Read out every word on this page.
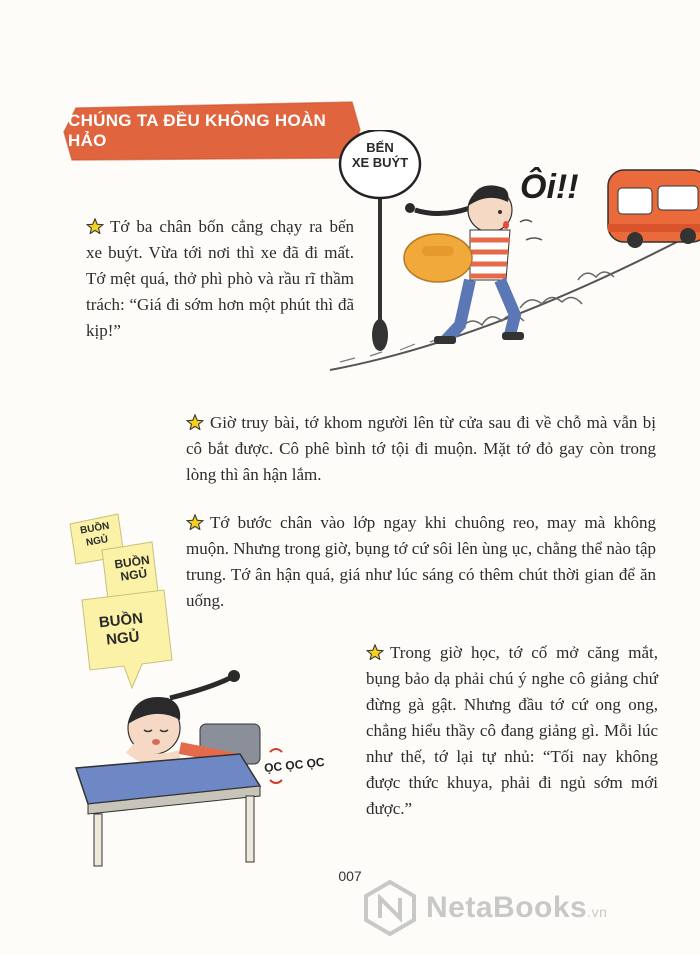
CHÚNG TA ĐỀU KHÔNG HOÀN HẢO	BẾN
XE BUÝT
Ôi!!
Tớ ba chân bốn cẳng chạy ra bến xe buýt. Vừa tới nơi thì xe đã đi mất. Tớ mệt quá, thở phì phò và rầu rĩ thầm trách: “Giá đi sớm hơn một phút thì đã kịp!”
Giờ truy bài, tớ khom người lên từ cửa sau đi về chỗ mà vẫn bị cô bắt được. Cô phê bình tớ tội đi muộn. Mặt tớ đỏ gay còn trong lòng thì ân hận lắm.
Tớ bước chân vào lớp ngay khi chuông reo, may mà không muộn. Nhưng trong giờ, bụng tớ cứ sôi lên ùng ục, chẳng thể nào tập trung. Tớ ân hận quá, giá như lúc sáng có thêm chút thời gian để ăn uống.
BUỒN NGỦ
BUỒN NGỦ
BUỒN NGỦ
Trong giờ học, tớ cố mở căng mắt, bụng bảo dạ phải chú ý nghe cô giảng chứ đừng gà gật. Nhưng đầu tớ cứ ong ong, chẳng hiểu thầy cô đang giảng gì. Mỗi lúc như thế, tớ lại tự nhủ: “Tối nay không được thức khuya, phải đi ngủ sớm mới được.”
ỌC ỌC ỌC
007
NetaBooks.vn
